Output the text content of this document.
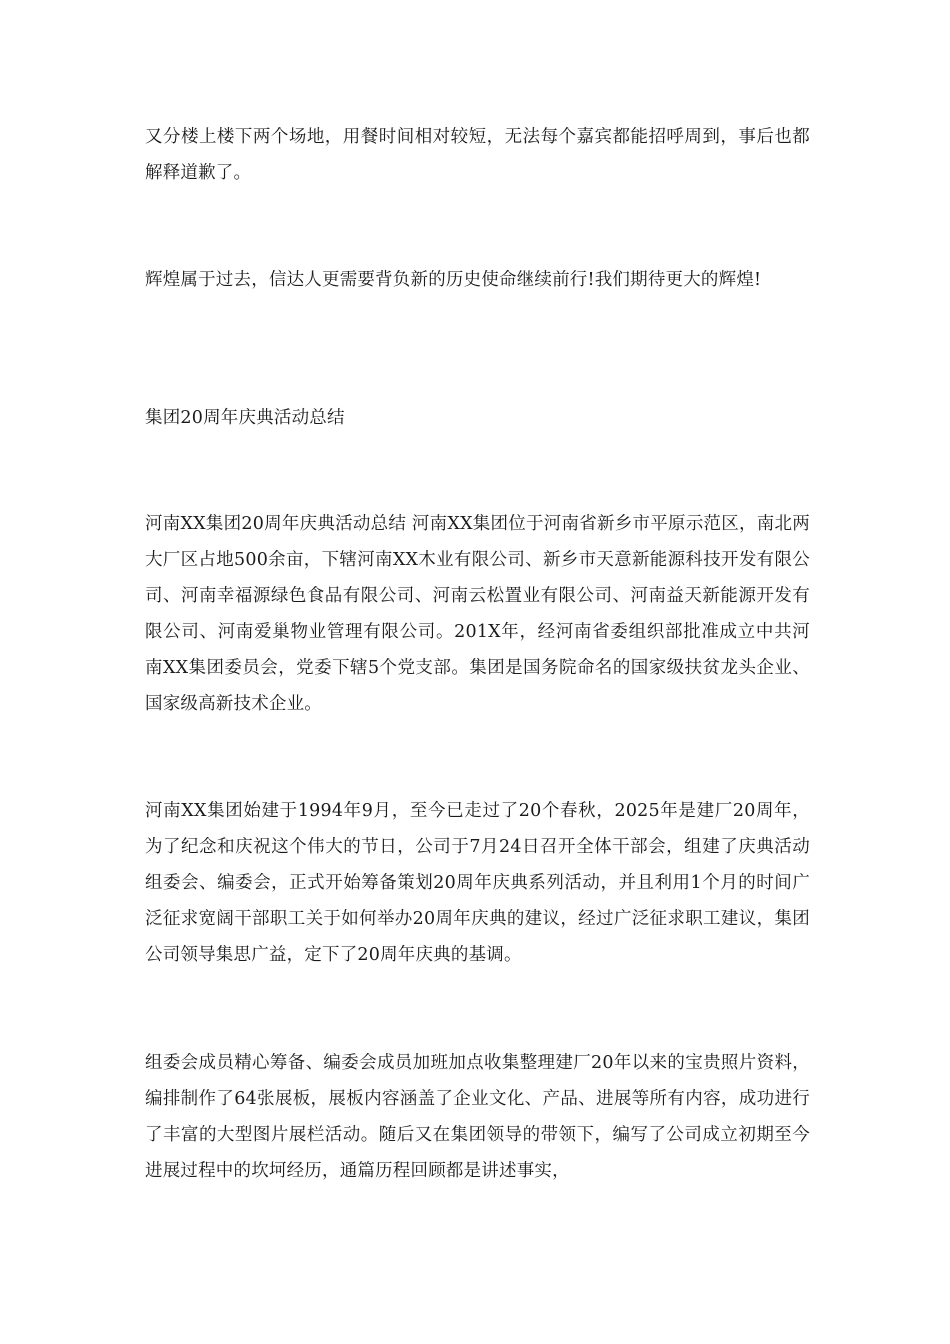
又分楼上楼下两个场地，用餐时间相对较短，无法每个嘉宾都能招呼周到，事后也都解释道歉了。

辉煌属于过去，信达人更需要背负新的历史使命继续前行!我们期待更大的辉煌!

集团20周年庆典活动总结

河南XX集团20周年庆典活动总结 河南XX集团位于河南省新乡市平原示范区，南北两大厂区占地500余亩，下辖河南XX木业有限公司、新乡市天意新能源科技开发有限公司、河南幸福源绿色食品有限公司、河南云松置业有限公司、河南益天新能源开发有限公司、河南爱巢物业管理有限公司。201X年，经河南省委组织部批准成立中共河南XX集团委员会，党委下辖5个党支部。集团是国务院命名的国家级扶贫龙头企业、国家级高新技术企业。

河南XX集团始建于1994年9月，至今已走过了20个春秋，2025年是建厂20周年，为了纪念和庆祝这个伟大的节日，公司于7月24日召开全体干部会，组建了庆典活动组委会、编委会，正式开始筹备策划20周年庆典系列活动，并且利用1个月的时间广泛征求宽阔干部职工关于如何举办20周年庆典的建议，经过广泛征求职工建议，集团公司领导集思广益，定下了20周年庆典的基调。

组委会成员精心筹备、编委会成员加班加点收集整理建厂20年以来的宝贵照片资料，编排制作了64张展板，展板内容涵盖了企业文化、产品、进展等所有内容，成功进行了丰富的大型图片展栏活动。随后又在集团领导的带领下，编写了公司成立初期至今进展过程中的坎坷经历，通篇历程回顾都是讲述事实，
